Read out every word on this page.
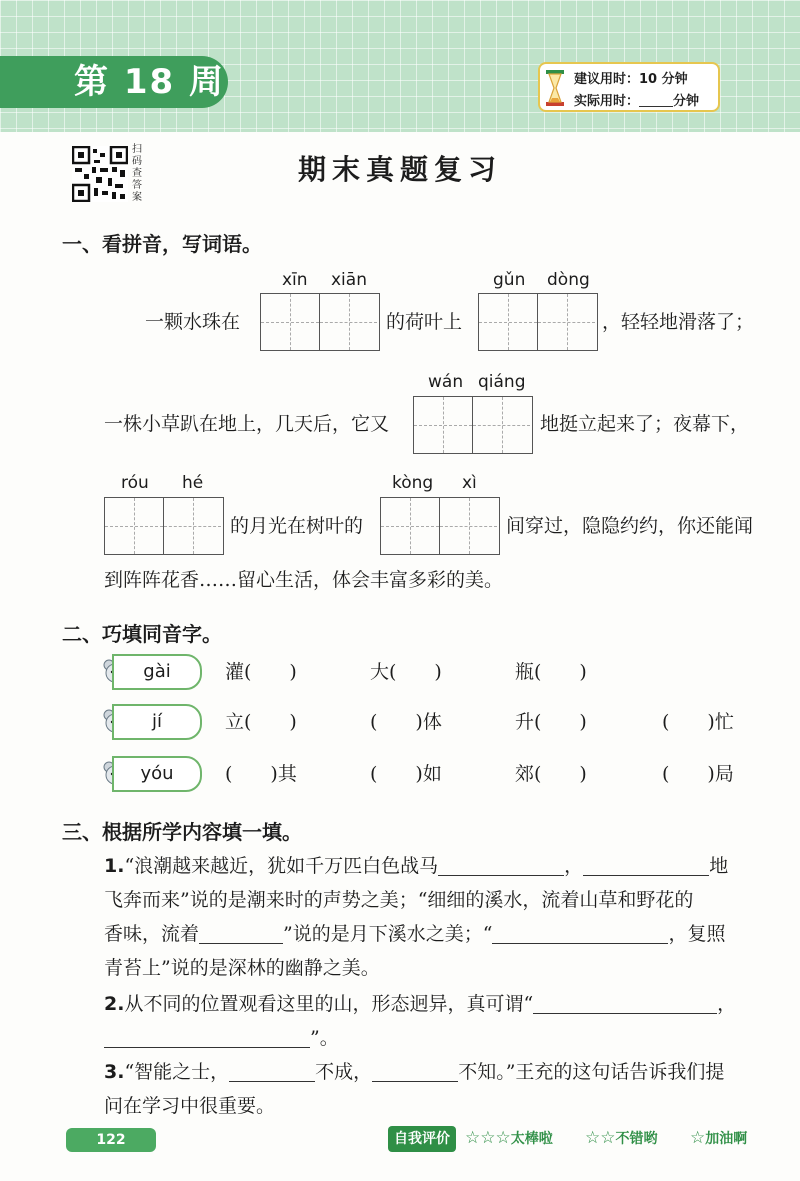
第 18 周	建议用时：10 分钟
实际用时：	分钟
扫码查答案
期末真题复习
一、看拼音，写词语。
xīn xiān	gǔn dòng
一颗水珠在	的荷叶上	，轻轻地滑落了；
wán qiáng
一株小草趴在地上，几天后，它又	地挺立起来了；夜幕下，
róu hé	kòng xì
的月光在树叶的	间穿过，隐隐约约，你还能闻
到阵阵花香……留心生活，体会丰富多彩的美。
二、巧填同音字。
gài	灌(　　)	大(　　)	瓶(　　)
jí	立(　　)	(　　)体	升(　　)	(　　)忙
yóu	(　　)其	(　　)如	郊(　　)	(　　)局
三、根据所学内容填一填。
1.“浪潮越来越近，犹如千万匹白色战马	，	地
飞奔而来”说的是潮来时的声势之美；“细细的溪水，流着山草和野花的
香味，流着	”说的是月下溪水之美；“	，复照
青苔上”说的是深林的幽静之美。
2.从不同的位置观看这里的山，形态迥异，真可谓“	，
”。
3.“智能之士，	不成，	不知。”王充的这句话告诉我们提
问在学习中很重要。
122	自我评价 ☆☆☆太棒啦 ☆☆不错哟 ☆加油啊
